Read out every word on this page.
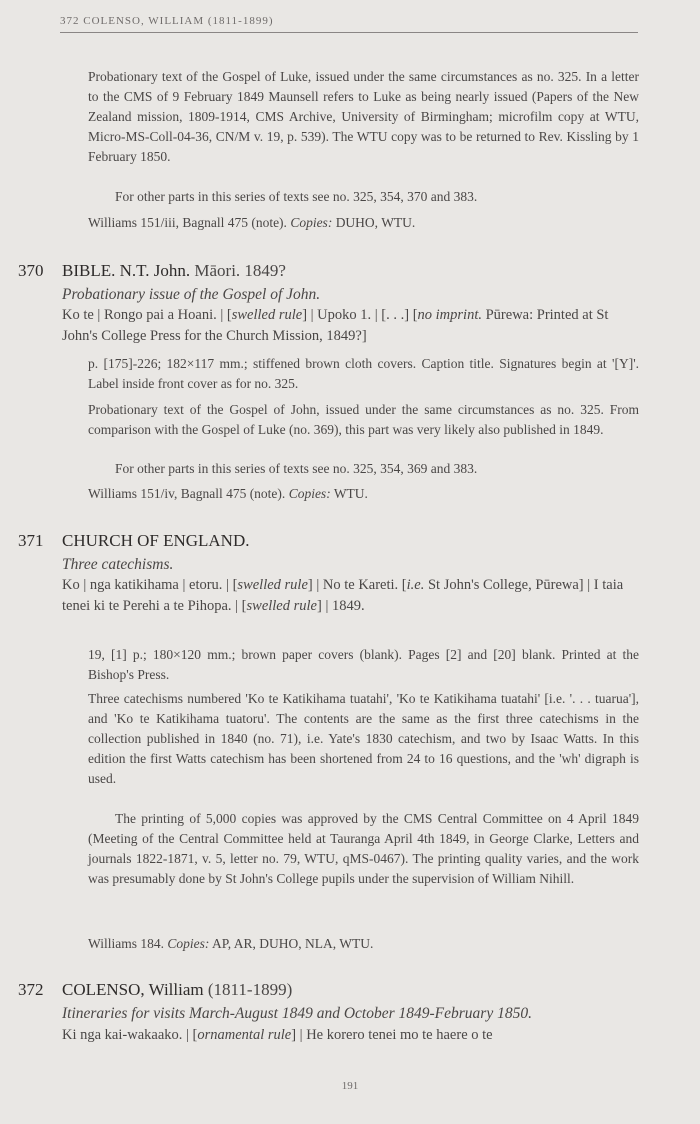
372 COLENSO, WILLIAM (1811-1899)

Probationary text of the Gospel of Luke, issued under the same circumstances as no. 325. In a letter to the CMS of 9 February 1849 Maunsell refers to Luke as being nearly issued (Papers of the New Zealand mission, 1809-1914, CMS Archive, University of Birmingham; microfilm copy at WTU, Micro-MS-Coll-04-36, CN/M v. 19, p. 539). The WTU copy was to be returned to Rev. Kissling by 1 February 1850.

For other parts in this series of texts see no. 325, 354, 370 and 383.

Williams 151/iii, Bagnall 475 (note). Copies: DUHO, WTU.

370 BIBLE. N.T. John. Māori. 1849?
Probationary issue of the Gospel of John.

Ko te | Rongo pai a Hoani. | [swelled rule] | Upoko 1. | [. . .] [no imprint. Pūrewa: Printed at St John's College Press for the Church Mission, 1849?]

p. [175]-226; 182×117 mm.; stiffened brown cloth covers. Caption title. Signatures begin at '[Y]'. Label inside front cover as for no. 325.

Probationary text of the Gospel of John, issued under the same circumstances as no. 325. From comparison with the Gospel of Luke (no. 369), this part was very likely also published in 1849.

For other parts in this series of texts see no. 325, 354, 369 and 383.

Williams 151/iv, Bagnall 475 (note). Copies: WTU.

371 CHURCH OF ENGLAND.
Three catechisms.

Ko | nga katikihama | etoru. | [swelled rule] | No te Kareti. [i.e. St John's College, Pūrewa] | I taia tenei ki te Perehi a te Pihopa. | [swelled rule] | 1849.

19, [1] p.; 180×120 mm.; brown paper covers (blank). Pages [2] and [20] blank. Printed at the Bishop's Press.

Three catechisms numbered 'Ko te Katikihama tuatahi', 'Ko te Katikihama tuatahi' [i.e. '. . . tuarua'], and 'Ko te Katikihama tuatoru'. The contents are the same as the first three catechisms in the collection published in 1840 (no. 71), i.e. Yate's 1830 catechism, and two by Isaac Watts. In this edition the first Watts catechism has been shortened from 24 to 16 questions, and the 'wh' digraph is used.

The printing of 5,000 copies was approved by the CMS Central Committee on 4 April 1849 (Meeting of the Central Committee held at Tauranga April 4th 1849, in George Clarke, Letters and journals 1822-1871, v. 5, letter no. 79, WTU, qMS-0467). The printing quality varies, and the work was presumably done by St John's College pupils under the supervision of William Nihill.

Williams 184. Copies: AP, AR, DUHO, NLA, WTU.

372 COLENSO, William (1811-1899)
Itineraries for visits March-August 1849 and October 1849-February 1850.

Ki nga kai-wakaako. | [ornamental rule] | He korero tenei mo te haere o te

191
